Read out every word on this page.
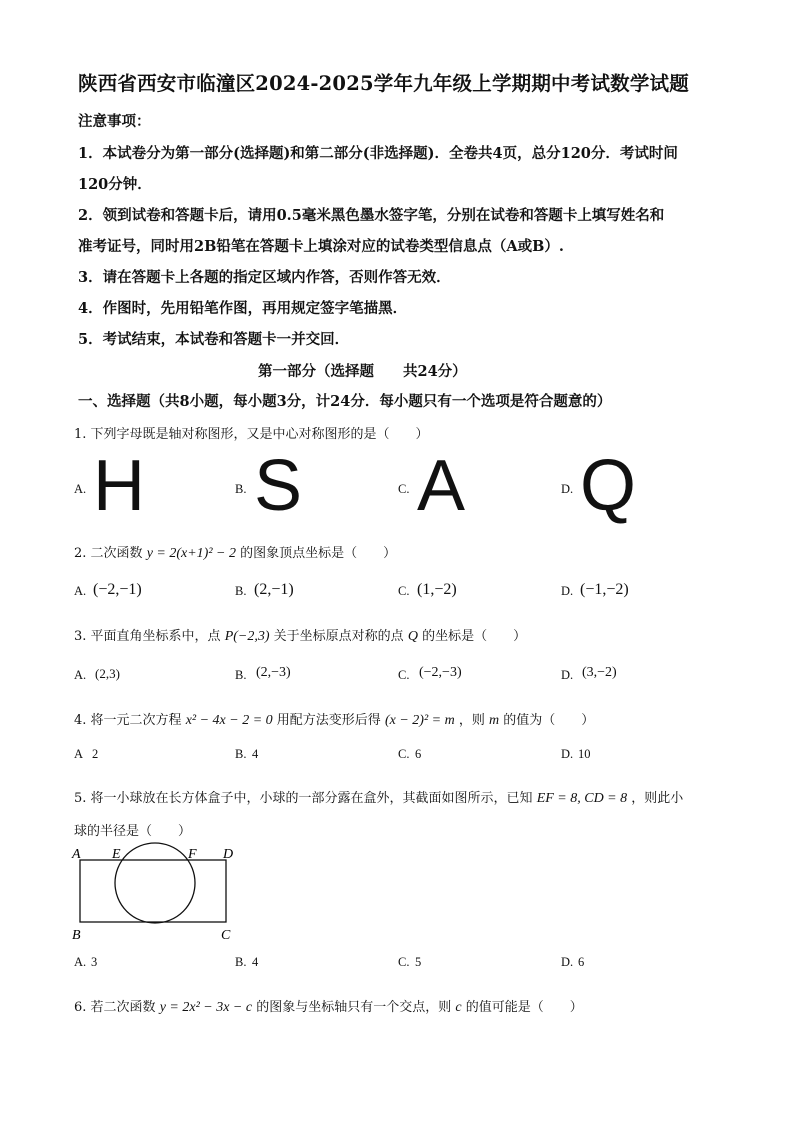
陕西省西安市临潼区2024-2025学年九年级上学期期中考试数学试题
注意事项：
1．本试卷分为第一部分(选择题)和第二部分(非选择题)．全卷共4页，总分120分．考试时间
120分钟．
2．领到试卷和答题卡后，请用0.5毫米黑色墨水签字笔，分别在试卷和答题卡上填写姓名和
准考证号，同时用2B铅笔在答题卡上填涂对应的试卷类型信息点（A或B）.
3．请在答题卡上各题的指定区域内作答，否则作答无效．
4．作图时，先用铅笔作图，再用规定签字笔描黑．
5．考试结束，本试卷和答题卡一并交回．
第一部分（选择题　　共24分）
一、选择题（共8小题，每小题3分，计24分．每小题只有一个选项是符合题意的）
1. 下列字母既是轴对称图形，又是中心对称图形的是（　　）
A. H	B. S	C. A	D. Q
2. 二次函数 y = 2(x+1)² − 2 的图象顶点坐标是（　　）
A. (−2,−1)	B. (2,−1)	C. (1,−2)	D. (−1,−2)
3. 平面直角坐标系中，点 P(−2,3) 关于坐标原点对称的点 Q 的坐标是（　　）
A. (2,3)	B. (2,−3)	C. (−2,−3)	D. (3,−2)
4. 将一元二次方程 x² − 4x − 2 = 0 用配方法变形后得 (x − 2)² = m ，则 m 的值为（　　）
A 2	B. 4	C. 6	D. 10
5. 将一小球放在长方体盒子中，小球的一部分露在盒外，其截面如图所示，已知 EF = 8, CD = 8 ，则此小
球的半径是（　　）
A E	F D
B	C
A. 3	B. 4	C. 5	D. 6
6. 若二次函数 y = 2x² − 3x − c 的图象与坐标轴只有一个交点，则 c 的值可能是（　　）
